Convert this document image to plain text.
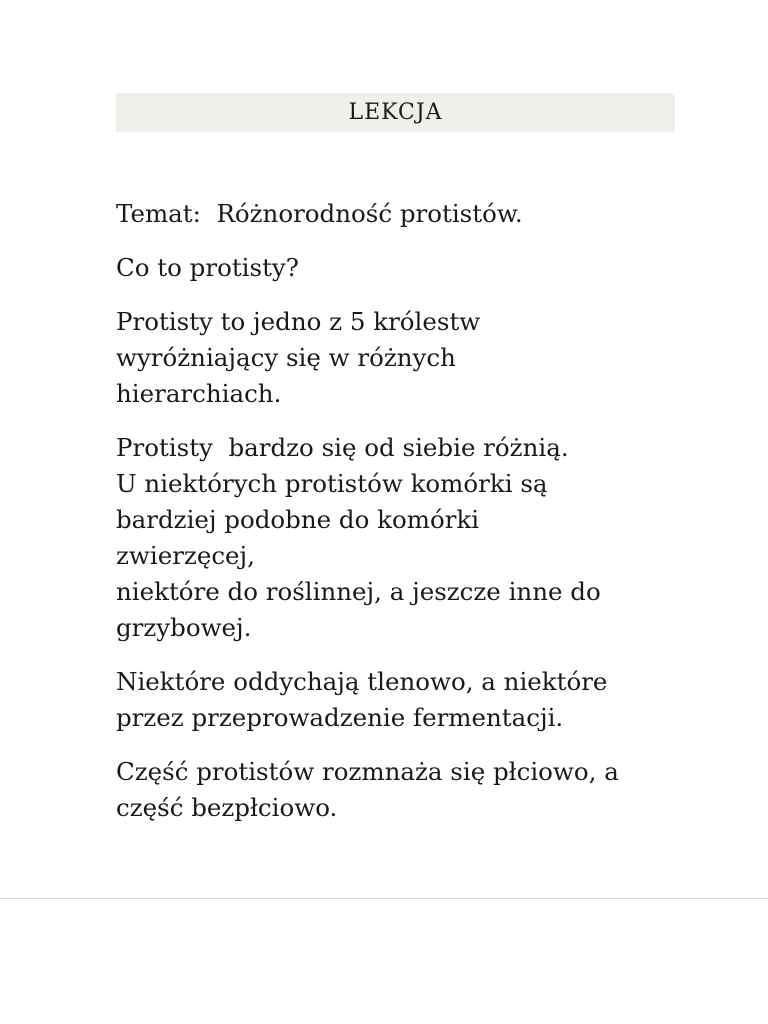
LEKCJA

Temat:  Różnorodność protistów.

Co to protisty?

Protisty to jedno z 5 królestw
wyróżniający się w różnych
hierarchiach.

Protisty  bardzo się od siebie różnią.
U niektórych protistów komórki są
bardziej podobne do komórki
zwierzęcej,
niektóre do roślinnej, a jeszcze inne do
grzybowej.

Niektóre oddychają tlenowo, a niektóre
przez przeprowadzenie fermentacji.

Część protistów rozmnaża się płciowo, a
część bezpłciowo.
